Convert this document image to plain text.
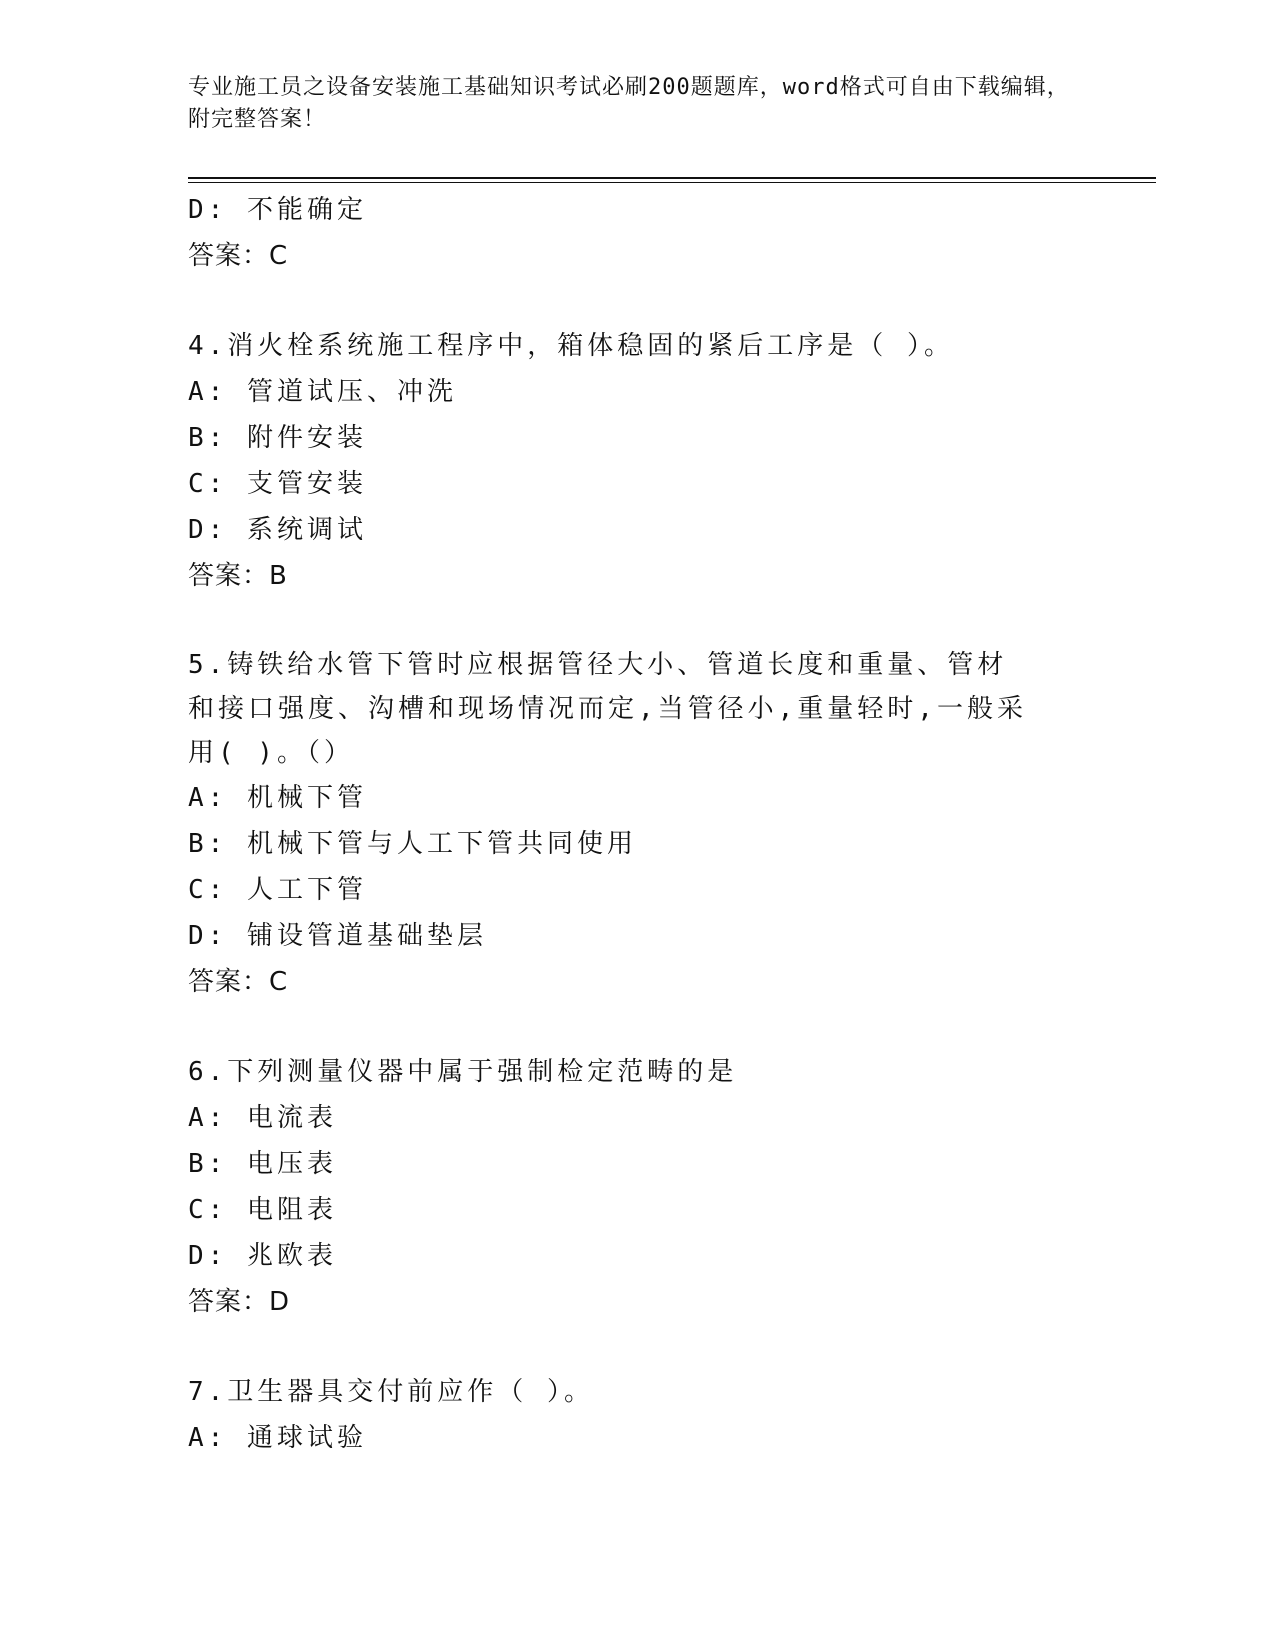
专业施工员之设备安装施工基础知识考试必刷200题题库，word格式可自由下载编辑，附完整答案！
D: 不能确定
答案：C
4.消火栓系统施工程序中，箱体稳固的紧后工序是（ ）。
A: 管道试压、冲洗
B: 附件安装
C: 支管安装
D: 系统调试
答案：B
5.铸铁给水管下管时应根据管径大小、管道长度和重量、管材和接口强度、沟槽和现场情况而定,当管径小,重量轻时,一般采用( )。（）
A: 机械下管
B: 机械下管与人工下管共同使用
C: 人工下管
D: 铺设管道基础垫层
答案：C
6.下列测量仪器中属于强制检定范畴的是
A: 电流表
B: 电压表
C: 电阻表
D: 兆欧表
答案：D
7.卫生器具交付前应作（ ）。
A: 通球试验
